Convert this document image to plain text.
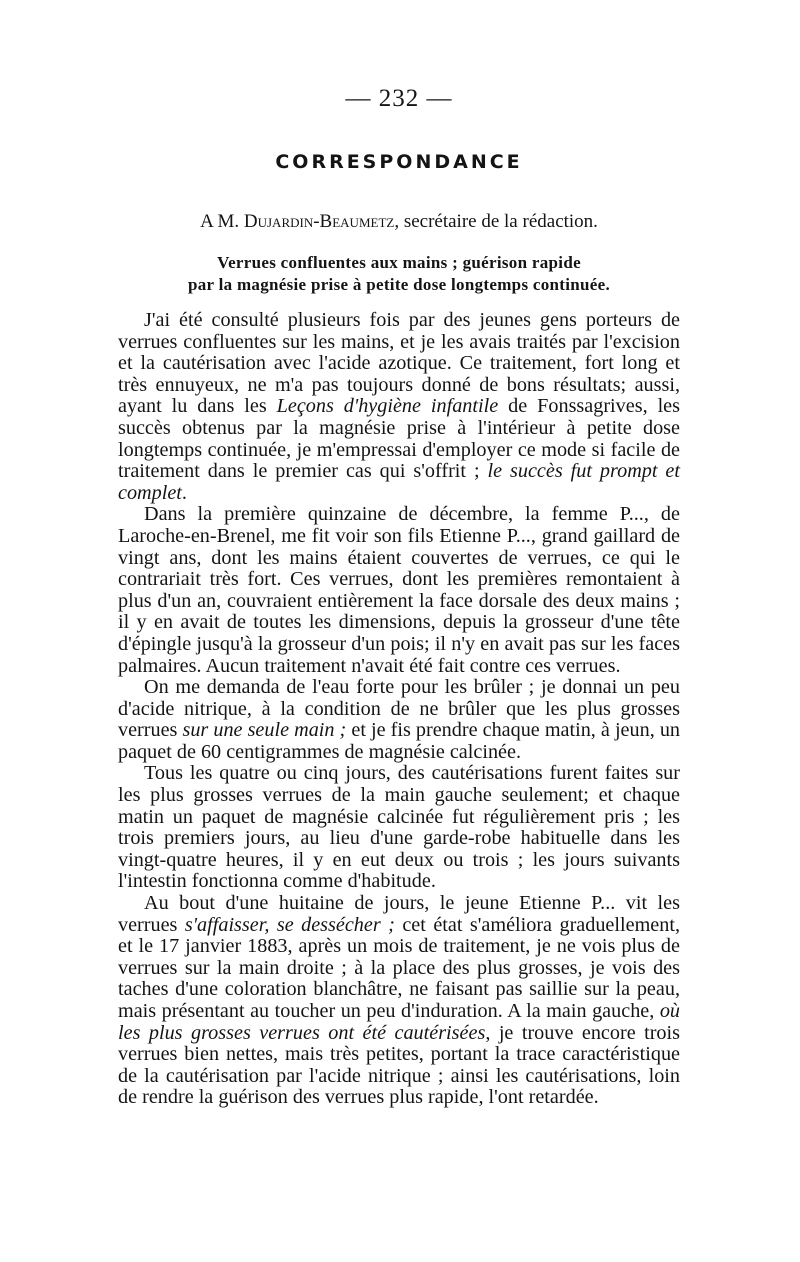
— 232 —
CORRESPONDANCE
A M. Dujardin-Beaumetz, secrétaire de la rédaction.
Verrues confluentes aux mains ; guérison rapide
par la magnésie prise à petite dose longtemps continuée.

J'ai été consulté plusieurs fois par des jeunes gens porteurs de verrues confluentes sur les mains, et je les avais traités par l'excision et la cautérisation avec l'acide azotique. Ce traitement, fort long et très ennuyeux, ne m'a pas toujours donné de bons résultats; aussi, ayant lu dans les Leçons d'hygiène infantile de Fonssagrives, les succès obtenus par la magnésie prise à l'intérieur à petite dose longtemps continuée, je m'empressai d'employer ce mode si facile de traitement dans le premier cas qui s'offrit ; le succès fut prompt et complet.

Dans la première quinzaine de décembre, la femme P..., de Laroche-en-Brenel, me fit voir son fils Etienne P..., grand gaillard de vingt ans, dont les mains étaient couvertes de verrues, ce qui le contrariait très fort. Ces verrues, dont les premières remontaient à plus d'un an, couvraient entièrement la face dorsale des deux mains ; il y en avait de toutes les dimensions, depuis la grosseur d'une tête d'épingle jusqu'à la grosseur d'un pois; il n'y en avait pas sur les faces palmaires. Aucun traitement n'avait été fait contre ces verrues.

On me demanda de l'eau forte pour les brûler ; je donnai un peu d'acide nitrique, à la condition de ne brûler que les plus grosses verrues sur une seule main ; et je fis prendre chaque matin, à jeun, un paquet de 60 centigrammes de magnésie calcinée.

Tous les quatre ou cinq jours, des cautérisations furent faites sur les plus grosses verrues de la main gauche seulement; et chaque matin un paquet de magnésie calcinée fut régulièrement pris ; les trois premiers jours, au lieu d'une garde-robe habituelle dans les vingt-quatre heures, il y en eut deux ou trois ; les jours suivants l'intestin fonctionna comme d'habitude.

Au bout d'une huitaine de jours, le jeune Etienne P... vit les verrues s'affaisser, se dessécher ; cet état s'améliora graduellement, et le 17 janvier 1883, après un mois de traitement, je ne vois plus de verrues sur la main droite ; à la place des plus grosses, je vois des taches d'une coloration blanchâtre, ne faisant pas saillie sur la peau, mais présentant au toucher un peu d'induration. A la main gauche, où les plus grosses verrues ont été cautérisées, je trouve encore trois verrues bien nettes, mais très petites, portant la trace caractéristique de la cautérisation par l'acide nitrique ; ainsi les cautérisations, loin de rendre la guérison des verrues plus rapide, l'ont retardée.
